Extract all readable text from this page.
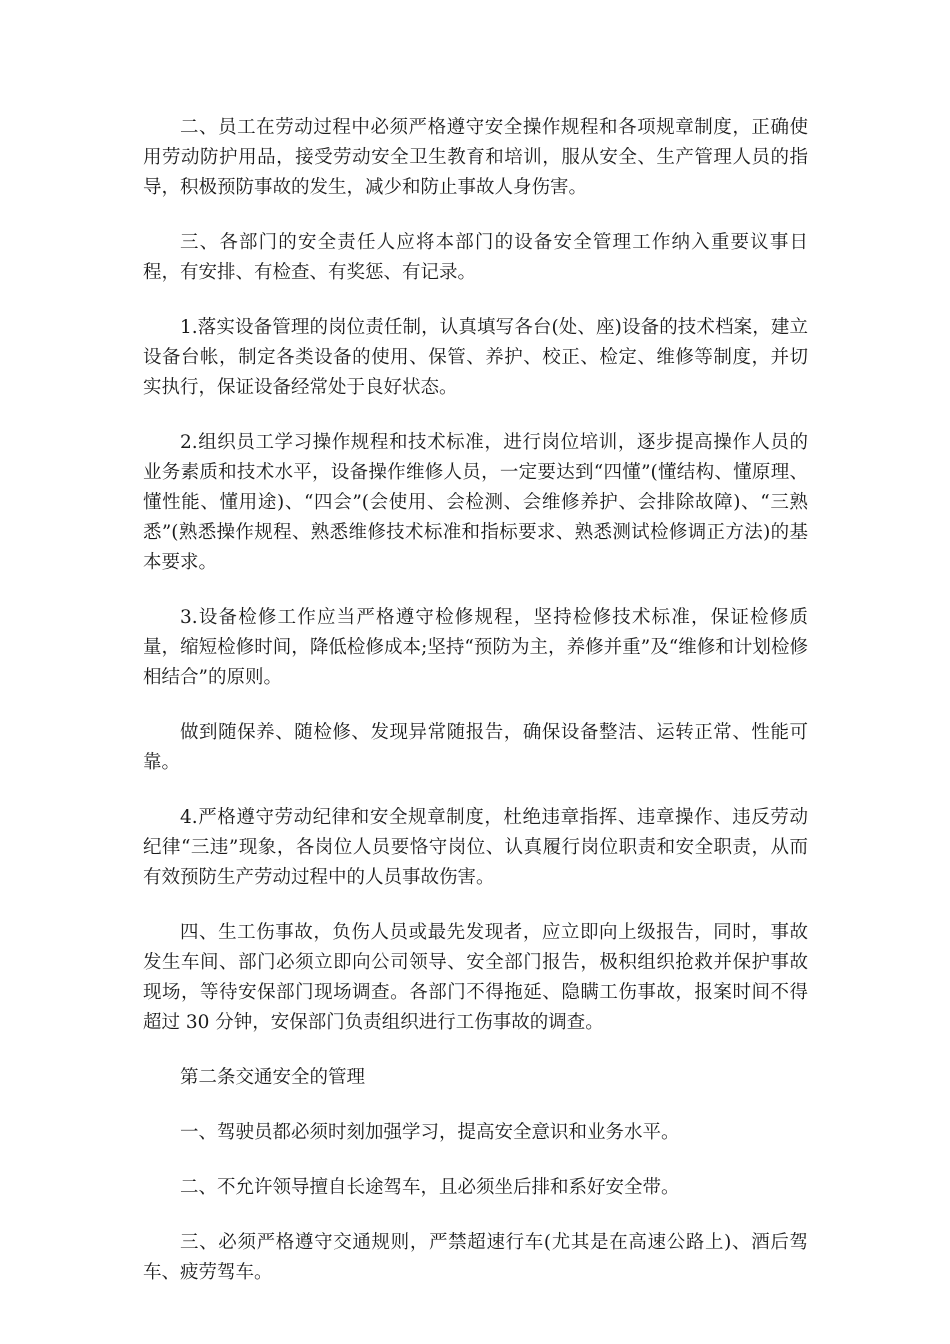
二、员工在劳动过程中必须严格遵守安全操作规程和各项规章制度，正确使用劳动防护用品，接受劳动安全卫生教育和培训，服从安全、生产管理人员的指导，积极预防事故的发生，减少和防止事故人身伤害。

三、各部门的安全责任人应将本部门的设备安全管理工作纳入重要议事日程，有安排、有检查、有奖惩、有记录。

1.落实设备管理的岗位责任制，认真填写各台(处、座)设备的技术档案，建立设备台帐，制定各类设备的使用、保管、养护、校正、检定、维修等制度，并切实执行，保证设备经常处于良好状态。

2.组织员工学习操作规程和技术标准，进行岗位培训，逐步提高操作人员的业务素质和技术水平，设备操作维修人员，一定要达到“四懂”(懂结构、懂原理、懂性能、懂用途)、“四会”(会使用、会检测、会维修养护、会排除故障)、“三熟悉”(熟悉操作规程、熟悉维修技术标准和指标要求、熟悉测试检修调正方法)的基本要求。

3.设备检修工作应当严格遵守检修规程，坚持检修技术标准，保证检修质量，缩短检修时间，降低检修成本;坚持“预防为主，养修并重”及“维修和计划检修相结合”的原则。

做到随保养、随检修、发现异常随报告，确保设备整洁、运转正常、性能可靠。

4.严格遵守劳动纪律和安全规章制度，杜绝违章指挥、违章操作、违反劳动纪律“三违”现象，各岗位人员要恪守岗位、认真履行岗位职责和安全职责，从而有效预防生产劳动过程中的人员事故伤害。

四、生工伤事故，负伤人员或最先发现者，应立即向上级报告，同时，事故发生车间、部门必须立即向公司领导、安全部门报告，极积组织抢救并保护事故现场，等待安保部门现场调查。各部门不得拖延、隐瞒工伤事故，报案时间不得超过 30 分钟，安保部门负责组织进行工伤事故的调查。

第二条交通安全的管理

一、驾驶员都必须时刻加强学习，提高安全意识和业务水平。

二、不允许领导擅自长途驾车，且必须坐后排和系好安全带。

三、必须严格遵守交通规则，严禁超速行车(尤其是在高速公路上)、酒后驾车、疲劳驾车。
